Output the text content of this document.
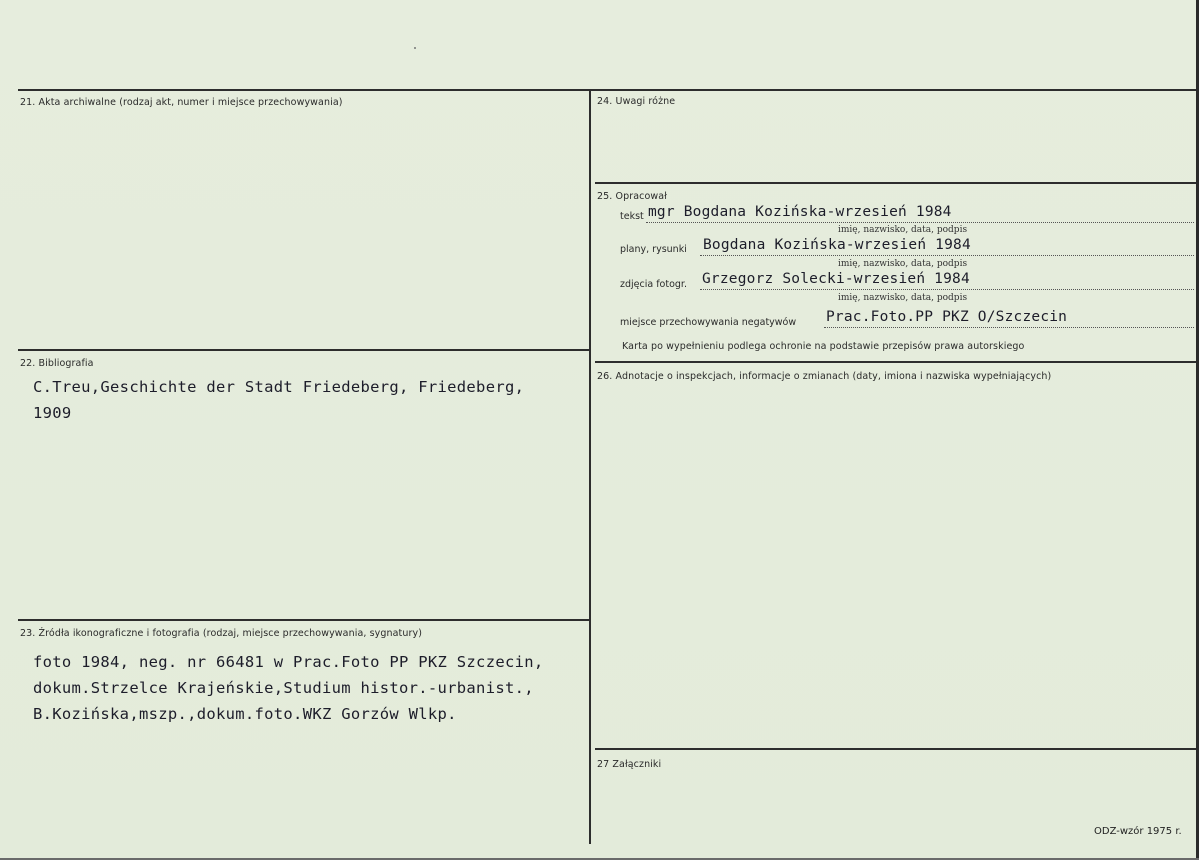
21. Akta archiwalne (rodzaj akt, numer i miejsce przechowywania)
22. Bibliografia
C.Treu,Geschichte der Stadt Friedeberg, Friedeberg,
1909
23. Źródła ikonograficzne i fotografia (rodzaj, miejsce przechowywania, sygnatury)
foto 1984, neg. nr 66481 w Prac.Foto PP PKZ Szczecin,
dokum.Strzelce Krajeńskie,Studium histor.-urbanist.,
B.Kozińska,mszp.,dokum.foto.WKZ Gorzów Wlkp.
24. Uwagi różne
25. Opracował
tekst mgr Bogdana Kozińska-wrzesień 1984
imię, nazwisko, data, podpis
plany, rysunki Bogdana Kozińska-wrzesień 1984
imię, nazwisko, data, podpis
zdjęcia fotogr. Grzegorz Solecki-wrzesień 1984
imię, nazwisko, data, podpis
miejsce przechowywania negatywów Prac.Foto.PP PKZ O/Szczecin
Karta po wypełnieniu podlega ochronie na podstawie przepisów prawa autorskiego
26. Adnotacje o inspekcjach, informacje o zmianach (daty, imiona i nazwiska wypełniających)
27 Załączniki
ODZ-wzór 1975 r.
